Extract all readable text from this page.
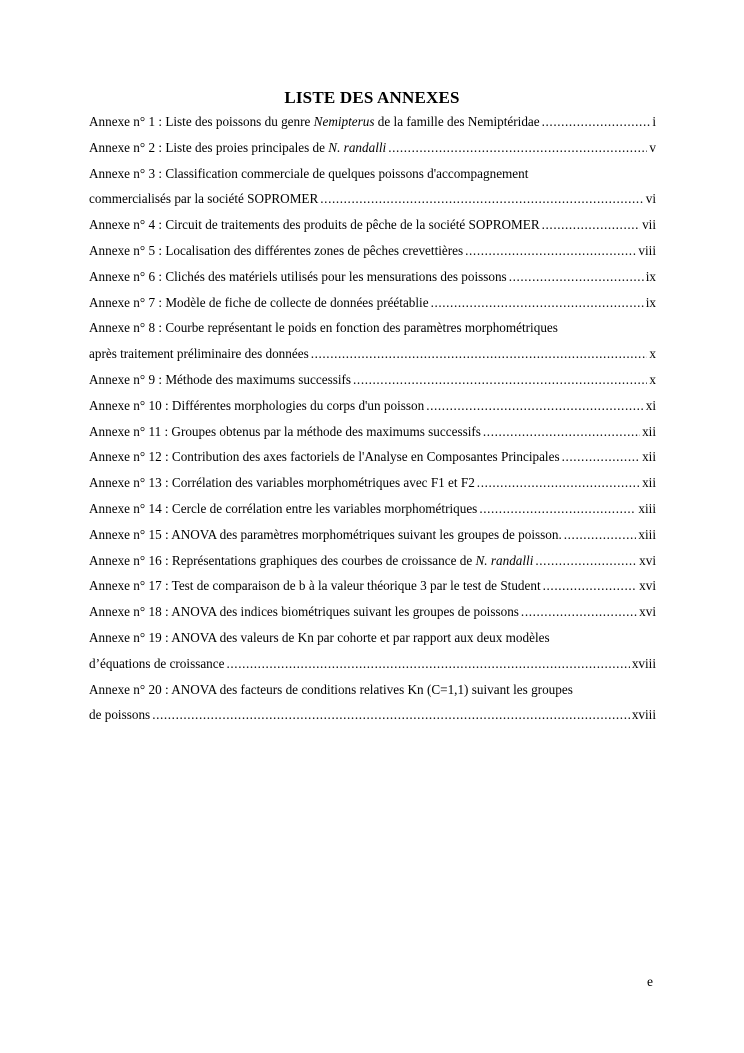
LISTE DES ANNEXES
Annexe n° 1 : Liste des poissons du genre Nemipterus de la famille des Nemiptéridae .....	i
Annexe n° 2 : Liste des proies principales de N. randalli .....	v
Annexe n° 3 : Classification commerciale de quelques poissons d'accompagnement
commercialisés par la société SOPROMER .....	vi
Annexe n° 4 : Circuit de traitements des produits de pêche de la société SOPROMER .....	vii
Annexe n° 5 : Localisation des différentes zones de pêches crevettières .....	viii
Annexe n° 6 : Clichés des matériels utilisés pour les mensurations des poissons .....	ix
Annexe n° 7 : Modèle de fiche de collecte de données préétablie .....	ix
Annexe n° 8 : Courbe représentant le poids en fonction des paramètres morphométriques
après traitement préliminaire des données .....	x
Annexe n° 9 : Méthode des maximums successifs .....	x
Annexe n° 10 : Différentes morphologies du corps d'un poisson .....	xi
Annexe n° 11 : Groupes obtenus par la méthode des maximums successifs .....	xii
Annexe n° 12 : Contribution des axes factoriels de l'Analyse en Composantes Principales .....	xii
Annexe n° 13 : Corrélation des variables morphométriques avec F1 et F2 .....	xii
Annexe n° 14 : Cercle de corrélation entre les variables morphométriques .....	xiii
Annexe n° 15 : ANOVA des paramètres morphométriques suivant les groupes de poisson. .....	xiii
Annexe n° 16 : Représentations graphiques des courbes de croissance de N. randalli .....	xvi
Annexe n° 17 : Test de comparaison de b à la valeur théorique 3 par le test de Student .....	xvi
Annexe n° 18 : ANOVA des indices biométriques suivant les groupes de poissons .....	xvi
Annexe n° 19 : ANOVA des valeurs de Kn par cohorte et par rapport aux deux modèles
d’équations de croissance .....	xviii
Annexe n° 20 : ANOVA des facteurs de conditions relatives Kn (C=1,1) suivant les groupes
de poissons .....	xviii
e
